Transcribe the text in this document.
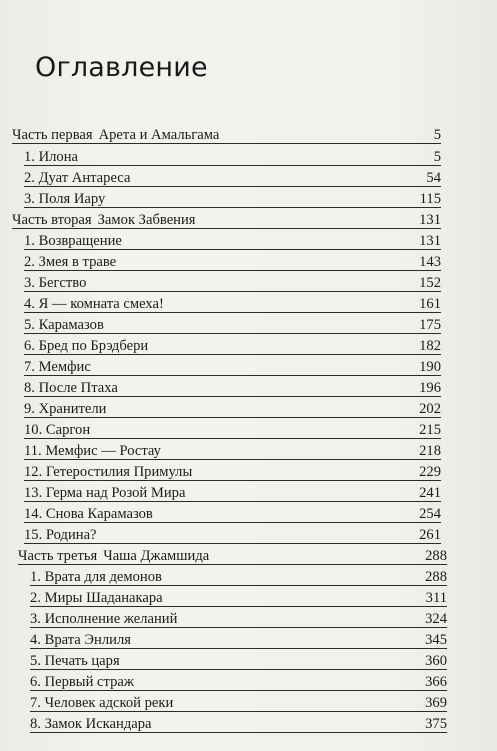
Оглавление
Часть первая Арета и Амальгама	5
1. Илона	5
2. Дуат Антареса	54
3. Поля Иару	115
Часть вторая Замок Забвения	131
1. Возвращение	131
2. Змея в траве	143
3. Бегство	152
4. Я — комната смеха!	161
5. Карамазов	175
6. Бред по Брэдбери	182
7. Мемфис	190
8. После Птаха	196
9. Хранители	202
10. Саргон	215
11. Мемфис — Ростау	218
12. Гетеростилия Примулы	229
13. Герма над Розой Мира	241
14. Снова Карамазов	254
15. Родина?	261
Часть третья Чаша Джамшида	288
1. Врата для демонов	288
2. Миры Шаданакара	311
3. Исполнение желаний	324
4. Врата Энлиля	345
5. Печать царя	360
6. Первый страж	366
7. Человек адской реки	369
8. Замок Искандара	375
